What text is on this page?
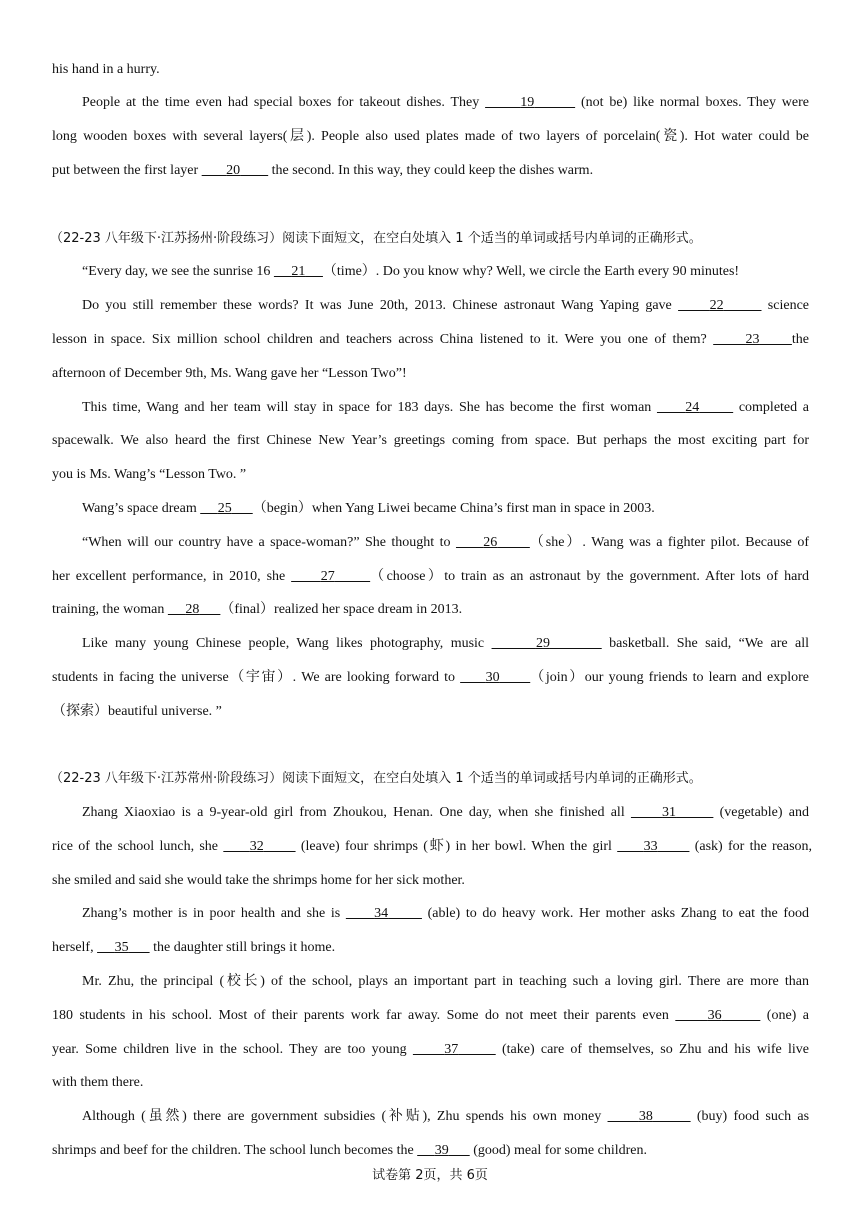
his hand in a hurry.
People at the time even had special boxes for takeout dishes. They	19	(not be) like normal boxes. They were
long wooden boxes with several layers(层). People also used plates made of two layers of porcelain(瓷). Hot water could be
put between the first layer        20         the second. In this way, they could keep the dishes warm.
（22-23 八年级下·江苏扬州·阶段练习）阅读下面短文，在空白处填入 1 个适当的单词或括号内单词的正确形式。
“Every day, we see the sunrise 16      21 （time）. Do you know why? Well, we circle the Earth every 90 minutes!
Do you still remember these words? It was June 20th, 2013. Chinese astronaut Wang Yaping gave      22	science
lesson in space. Six million school children and teachers across China listened to it. Were you one of them?      23 the
afternoon of December 9th, Ms. Wang gave her “Lesson Two”!
This time, Wang and her team will stay in space for 183 days. She has become the first woman      24       completed a
spacewalk. We also heard the first Chinese New Year’s greetings coming from space. But perhaps the most exciting part for
you is Ms. Wang’s “Lesson Two. ”
Wang’s space dream      25 （begin）when Yang Liwei became China’s first man in space in 2003.
“When will our country have a space-woman?” She thought to      26 （she）. Wang was a fighter pilot. Because of
her excellent performance, in 2010, she      27	（choose）to train as an astronaut by the government. After lots of hard
training, the woman      28 （final）realized her space dream in 2013.
Like many young Chinese people, Wang likes photography, music	29	basketball. She said, “We are all
students in facing the universe（宇宙）. We are looking forward to      30 （join）our young friends to learn and explore
（探索）beautiful universe. ”
（22-23 八年级下·江苏常州·阶段练习）阅读下面短文，在空白处填入 1 个适当的单词或括号内单词的正确形式。
Zhang Xiaoxiao is a 9-year-old girl from Zhoukou, Henan. One day, when she finished all      31	(vegetable) and
rice of the school lunch, she      32       (leave) four shrimps (虾) in her bowl. When the girl      33       (ask) for the reason,
she smiled and said she would take the shrimps home for her sick mother.
Zhang’s mother is in poor health and she is      34       (able) to do heavy work. Her mother asks Zhang to eat the food
herself,      35       the daughter still brings it home.
Mr. Zhu, the principal (校长) of the school, plays an important part in teaching such a loving girl. There are more than
180 students in his school. Most of their parents work far away. Some do not meet their parents even      36	(one) a
year. Some children live in the school. They are too young      37	(take) care of themselves, so Zhu and his wife live
with them there.
Although (虽然) there are government subsidies (补贴), Zhu spends his own money      38	(buy) food such as
shrimps and beef for the children. The school lunch becomes the      39       (good) meal for some children.
试卷第 2页，共 6页
